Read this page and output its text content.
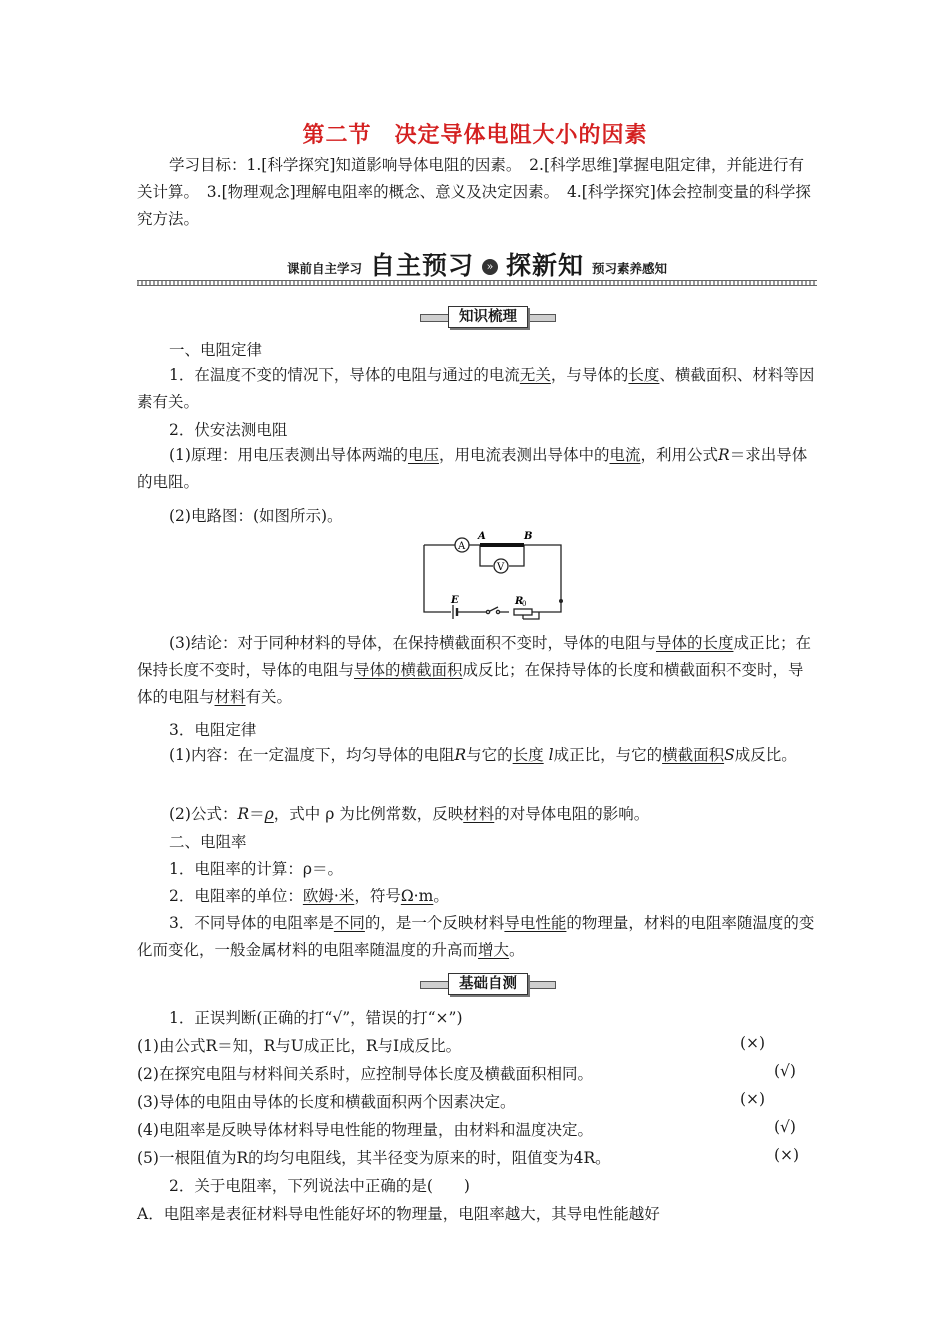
第二节　决定导体电阻大小的因素
学习目标：1.[科学探究]知道影响导体电阻的因素。　 2.[科学思维]掌握电阻定律，并能进行有关计算。　 3.[物理观念]理解电阻率的概念、意义及决定因素。　 4.[科学探究]体会控制变量的科学探究方法。
课前自主学习 自主预习	» 探新知 预习素养感知
知识梳理
一、电阻定律
1．在温度不变的情况下，导体的电阻与通过的电流无关，与导体的长度、横截面积、材料等因素有关。
2．伏安法测电阻
(1)原理：用电压表测出导体两端的电压，用电流表测出导体中的电流，利用公式R＝求出导体的电阻。
(2)电路图：(如图所示)。
A	B
A
V
E	R
0
(3)结论：对于同种材料的导体，在保持横截面积不变时，导体的电阻与导体的长度成正比；在保持长度不变时，导体的电阻与导体的横截面积成反比；在保持导体的长度和横截面积不变时，导体的电阻与材料有关。
3．电阻定律
(1)内容：在一定温度下，均匀导体的电阻R与它的长度 l成正比，与它的横截面积S成反比。
(2)公式：R＝ρ，式中 ρ 为比例常数，反映材料的对导体电阻的影响。
二、电阻率
1．电阻率的计算：ρ＝。
2．电阻率的单位：欧姆·米，符号Ω·m。
3．不同导体的电阻率是不同的，是一个反映材料导电性能的物理量，材料的电阻率随温度的变化而变化，一般金属材料的电阻率随温度的升高而增大。
基础自测
1．正误判断(正确的打“√”，错误的打“×”)
(1)由公式R＝知，R与U成正比，R与I成反比。	(×)
(2)在探究电阻与材料间关系时，应控制导体长度及横截面积相同。	(√)
(3)导体的电阻由导体的长度和横截面积两个因素决定。	(×)
(4)电阻率是反映导体材料导电性能的物理量，由材料和温度决定。	(√)
(5)一根阻值为R的均匀电阻线，其半径变为原来的时，阻值变为4R。	(×)
2．关于电阻率，下列说法中正确的是(　　)
A．电阻率是表征材料导电性能好坏的物理量，电阻率越大，其导电性能越好
